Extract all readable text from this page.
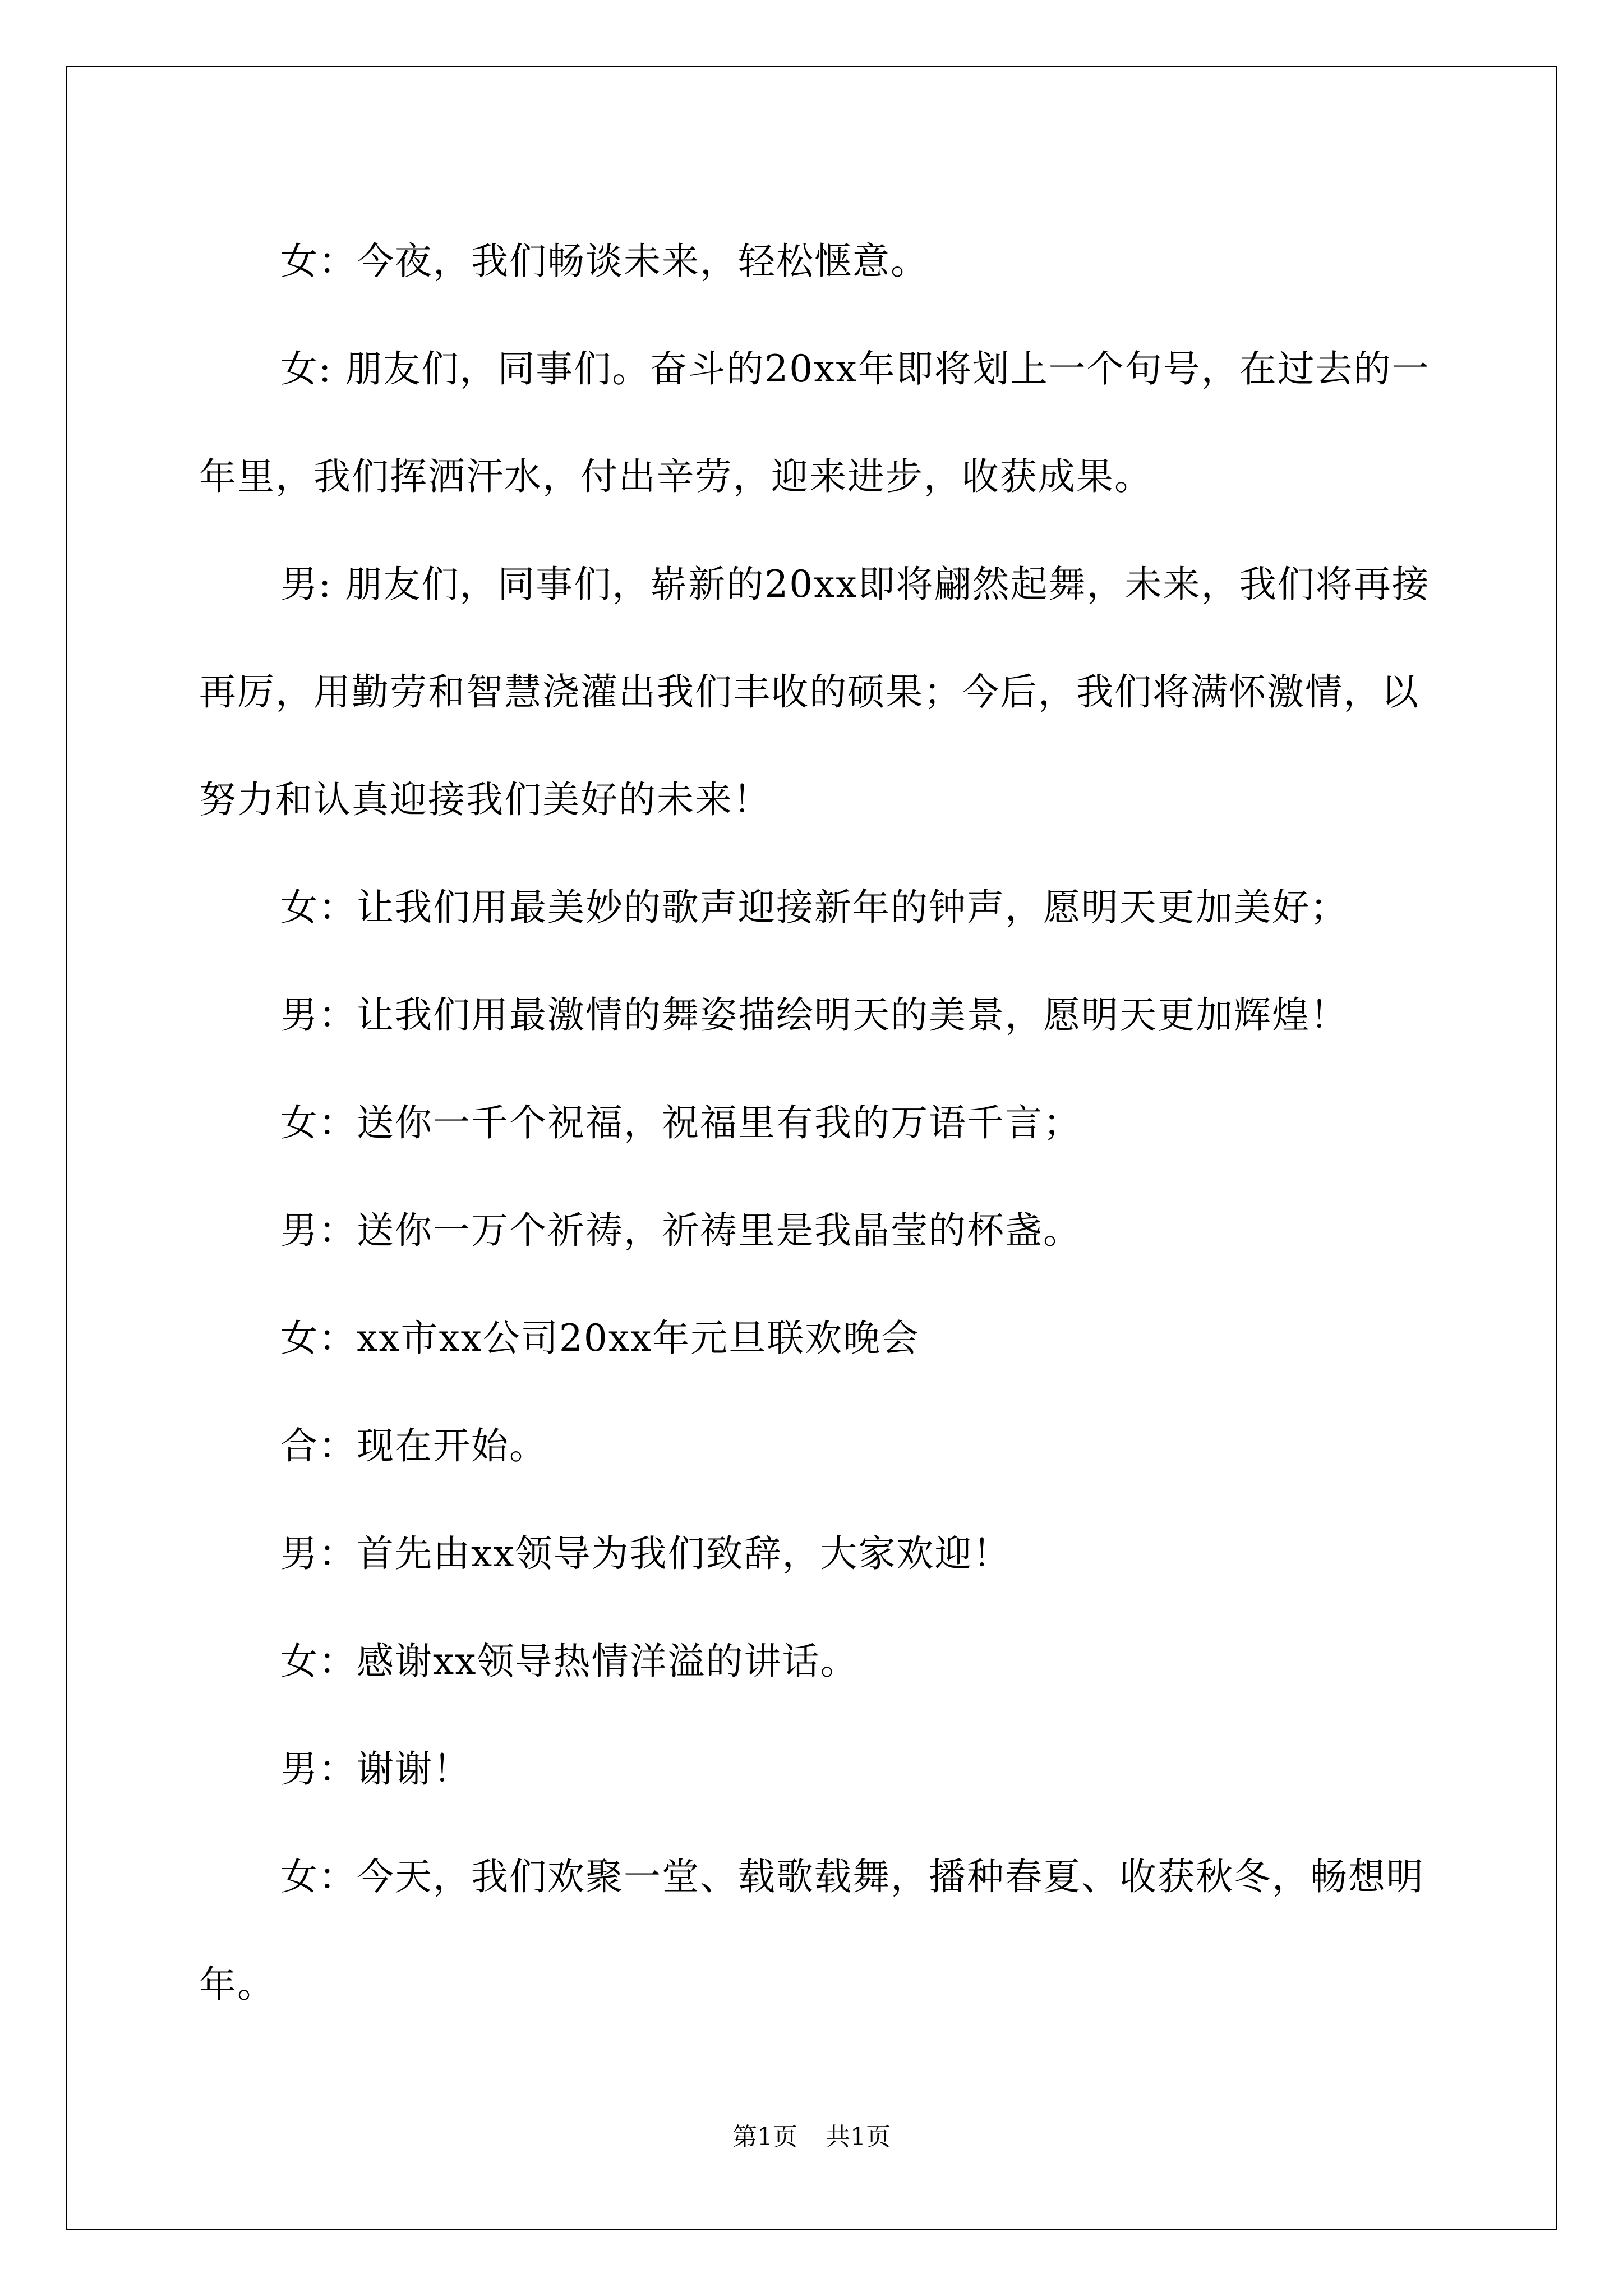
女：今夜，我们畅谈未来，轻松惬意。

女: 朋友们，同事们。奋斗的20xx年即将划上一个句号，在过去的一年里，我们挥洒汗水，付出辛劳，迎来进步，收获成果。

男: 朋友们，同事们，崭新的20xx即将翩然起舞，未来，我们将再接再厉，用勤劳和智慧浇灌出我们丰收的硕果；今后，我们将满怀激情，以努力和认真迎接我们美好的未来！

女：让我们用最美妙的歌声迎接新年的钟声，愿明天更加美好；

男：让我们用最激情的舞姿描绘明天的美景，愿明天更加辉煌！

女：送你一千个祝福，祝福里有我的万语千言；

男：送你一万个祈祷，祈祷里是我晶莹的杯盏。

女：xx市xx公司20xx年元旦联欢晚会

合：现在开始。

男：首先由xx领导为我们致辞，大家欢迎！

女：感谢xx领导热情洋溢的讲话。

男：谢谢！

女：今天，我们欢聚一堂、载歌载舞，播种春夏、收获秋冬，畅想明年。

第1页 共1页
